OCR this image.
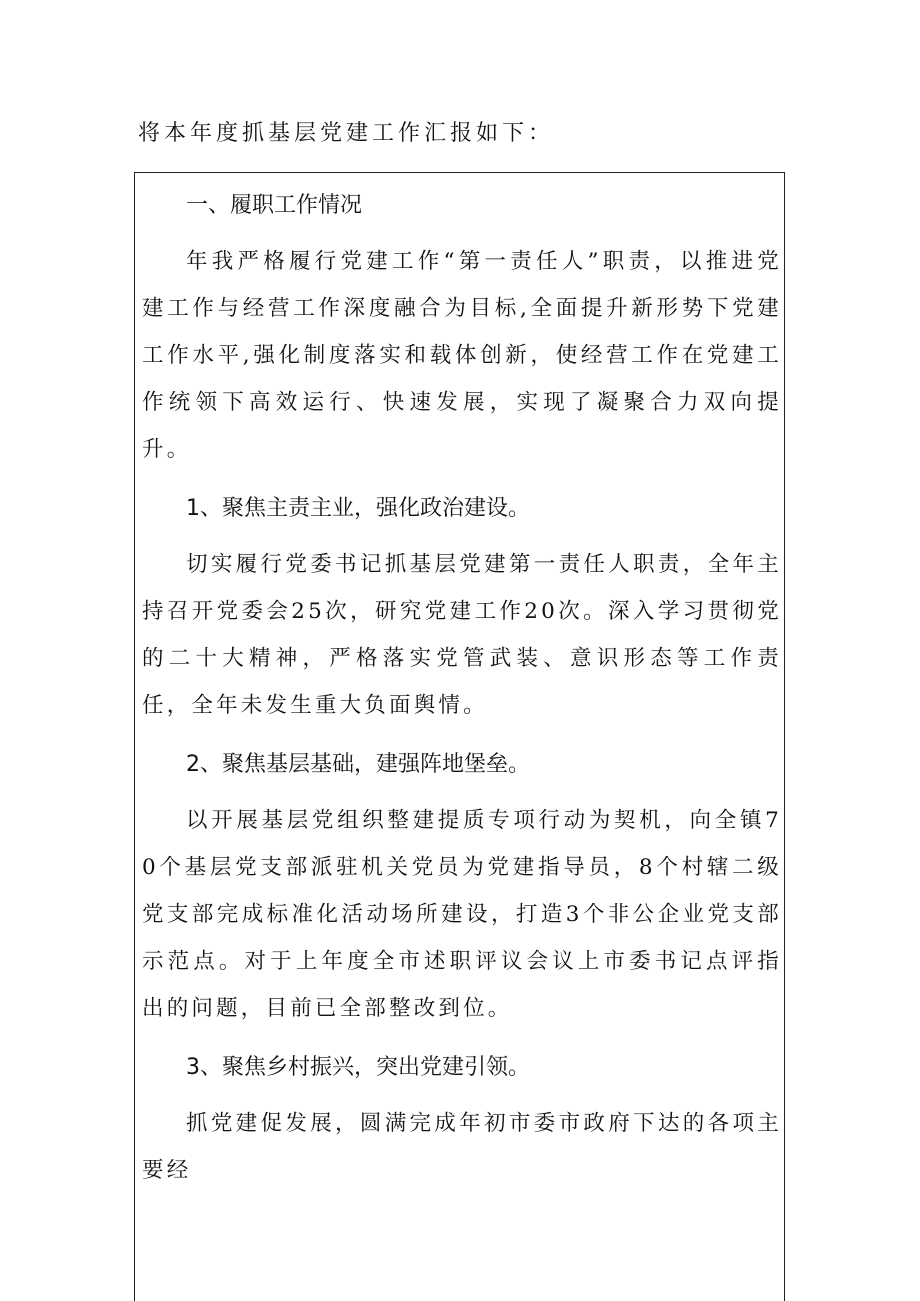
将本年度抓基层党建工作汇报如下：
一、履职工作情况

年我严格履行党建工作“第一责任人”职责，以推进党建工作与经营工作深度融合为目标,全面提升新形势下党建工作水平,强化制度落实和载体创新，使经营工作在党建工作统领下高效运行、快速发展，实现了凝聚合力双向提升。

1、聚焦主责主业，强化政治建设。

切实履行党委书记抓基层党建第一责任人职责，全年主持召开党委会25次，研究党建工作20次。深入学习贯彻党的二十大精神，严格落实党管武装、意识形态等工作责任，全年未发生重大负面舆情。

2、聚焦基层基础，建强阵地堡垒。

以开展基层党组织整建提质专项行动为契机，向全镇70个基层党支部派驻机关党员为党建指导员，8个村辖二级党支部完成标准化活动场所建设，打造3个非公企业党支部示范点。对于上年度全市述职评议会议上市委书记点评指出的问题，目前已全部整改到位。

3、聚焦乡村振兴，突出党建引领。

抓党建促发展，圆满完成年初市委市政府下达的各项主要经
